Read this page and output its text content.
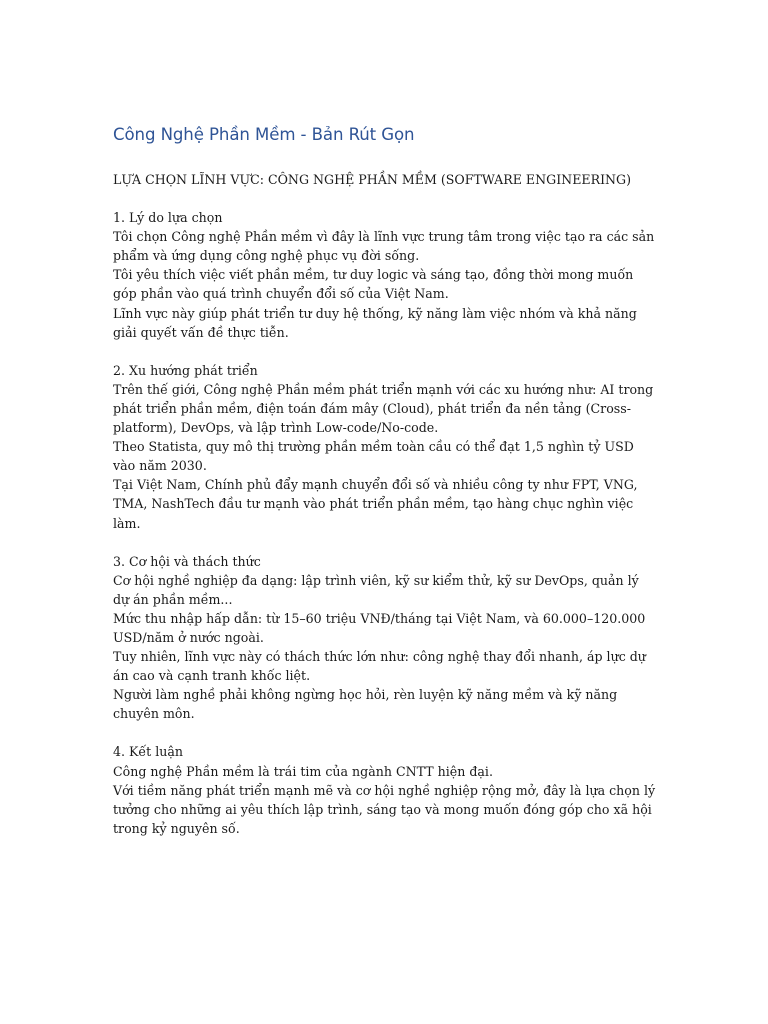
Công Nghệ Phần Mềm - Bản Rút Gọn

LỰA CHỌN LĨNH VỰC: CÔNG NGHỆ PHẦN MỀM (SOFTWARE ENGINEERING)

1. Lý do lựa chọn

Tôi chọn Công nghệ Phần mềm vì đây là lĩnh vực trung tâm trong việc tạo ra các sản phẩm và ứng dụng công nghệ phục vụ đời sống.

Tôi yêu thích việc viết phần mềm, tư duy logic và sáng tạo, đồng thời mong muốn góp phần vào quá trình chuyển đổi số của Việt Nam.

Lĩnh vực này giúp phát triển tư duy hệ thống, kỹ năng làm việc nhóm và khả năng giải quyết vấn đề thực tiễn.

2. Xu hướng phát triển

Trên thế giới, Công nghệ Phần mềm phát triển mạnh với các xu hướng như: AI trong phát triển phần mềm, điện toán đám mây (Cloud), phát triển đa nền tảng (Cross-platform), DevOps, và lập trình Low-code/No-code.

Theo Statista, quy mô thị trường phần mềm toàn cầu có thể đạt 1,5 nghìn tỷ USD vào năm 2030.

Tại Việt Nam, Chính phủ đẩy mạnh chuyển đổi số và nhiều công ty như FPT, VNG, TMA, NashTech đầu tư mạnh vào phát triển phần mềm, tạo hàng chục nghìn việc làm.

3. Cơ hội và thách thức

Cơ hội nghề nghiệp đa dạng: lập trình viên, kỹ sư kiểm thử, kỹ sư DevOps, quản lý dự án phần mềm...

Mức thu nhập hấp dẫn: từ 15–60 triệu VNĐ/tháng tại Việt Nam, và 60.000–120.000 USD/năm ở nước ngoài.

Tuy nhiên, lĩnh vực này có thách thức lớn như: công nghệ thay đổi nhanh, áp lực dự án cao và cạnh tranh khốc liệt.

Người làm nghề phải không ngừng học hỏi, rèn luyện kỹ năng mềm và kỹ năng chuyên môn.

4. Kết luận

Công nghệ Phần mềm là trái tim của ngành CNTT hiện đại.

Với tiềm năng phát triển mạnh mẽ và cơ hội nghề nghiệp rộng mở, đây là lựa chọn lý tưởng cho những ai yêu thích lập trình, sáng tạo và mong muốn đóng góp cho xã hội trong kỷ nguyên số.
